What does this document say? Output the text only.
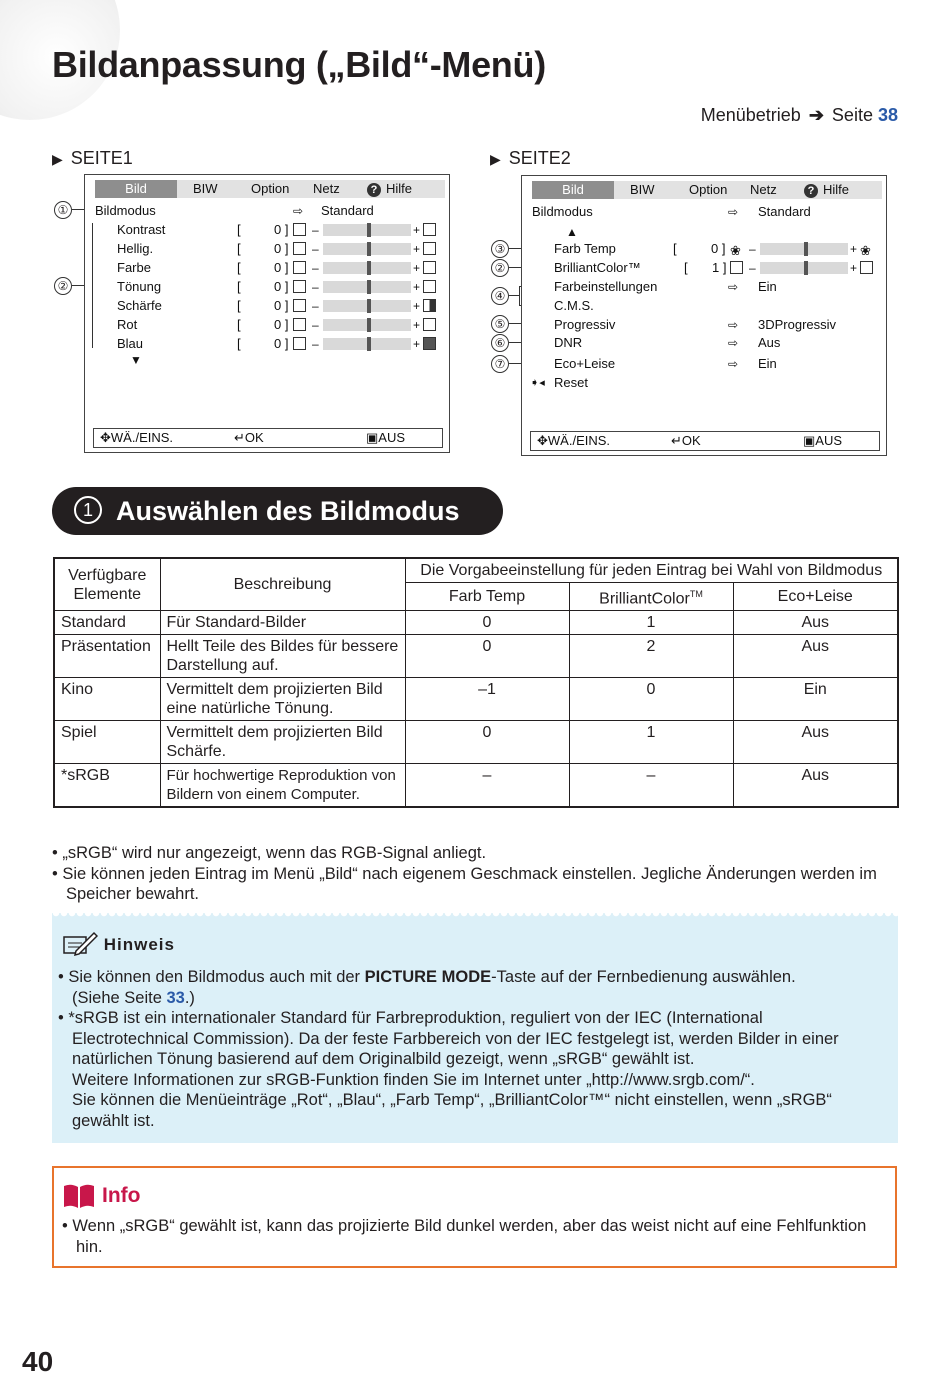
Bildanpassung („Bild“-Menü)
Menübetrieb ➔ Seite 38
▶ SEITE1
①
②
Bild	BIW	Option Netz	? Hilfe
Bildmodus	⇨ Standard
Kontrast	[	0 ] –	+
Hellig.	[	0 ] –	+
Farbe	[	0 ] –	+
Tönung	[	0 ] –	+
Schärfe	[	0 ] –	+
Rot	[	0 ] –	+
Blau	[	0 ] –	+
▼
✥ WÄ./EINS.	↵ OK	▣ AUS
▶ SEITE2
③
②
④
⑤
⑥
⑦
Bild	BIW	Option Netz	? Hilfe
Bildmodus	⇨ Standard
▲
Farb Temp	[	0 ] ❀ –	+ ❀
BrilliantColor™	[ 1 ] –	+
Farbeinstellungen	⇨ Ein
C.M.S.
Progressiv	⇨ 3DProgressiv
DNR	⇨ Aus
Eco+Leise	⇨ Ein
➧◂ Reset
✥ WÄ./EINS.	↵ OK	▣ AUS
1 Auswählen des Bildmodus
Verfügbare Elemente	Beschreibung	Die Vorgabeeinstellung für jeden Eintrag bei Wahl von Bildmodus		
		Farb Temp	BrilliantColor™	Eco+Leise
Standard	Für Standard-Bilder	0	1	Aus
Präsentation	Hellt Teile des Bildes für bessere Darstellung auf.	0	2	Aus
Kino	Vermittelt dem projizierten Bild eine natürliche Tönung.	–1	0	Ein
Spiel	Vermittelt dem projizierten Bild Schärfe.	0	1	Aus
*sRGB	Für hochwertige Reproduktion von Bildern von einem Computer.	–	–	Aus
• „sRGB“ wird nur angezeigt, wenn das RGB-Signal anliegt.
• Sie können jeden Eintrag im Menü „Bild“ nach eigenem Geschmack einstellen. Jegliche Änderungen werden im Speicher bewahrt.
Hinweis
• Sie können den Bildmodus auch mit der PICTURE MODE-Taste auf der Fernbedienung auswählen.
(Siehe Seite 33.)
• *sRGB ist ein internationaler Standard für Farbreproduktion, reguliert von der IEC (International Electrotechnical Commission). Da der feste Farbbereich von der IEC festgelegt ist, werden Bilder in einer natürlichen Tönung basierend auf dem Originalbild gezeigt, wenn „sRGB“ gewählt ist.
Weitere Informationen zur sRGB-Funktion finden Sie im Internet unter „http://www.srgb.com/“.
Sie können die Menüeinträge „Rot“, „Blau“, „Farb Temp“, „BrilliantColor™“ nicht einstellen, wenn „sRGB“ gewählt ist.
Info
• Wenn „sRGB“ gewählt ist, kann das projizierte Bild dunkel werden, aber das weist nicht auf eine Fehlfunktion hin.
40
